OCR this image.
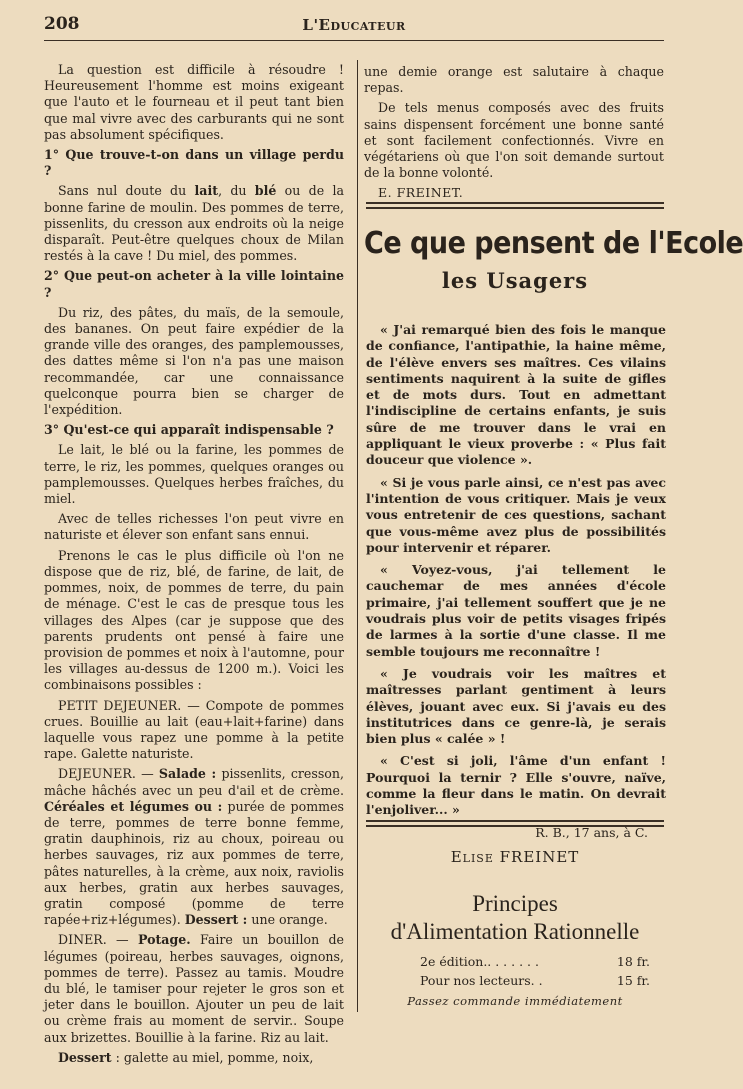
208	L'Educateur

La question est difficile à résoudre ! Heureusement l'homme est moins exigeant que l'auto et le fourneau et il peut tant bien que mal vivre avec des carburants qui ne sont pas absolument spécifiques.

1° Que trouve-t-on dans un village perdu ?

Sans nul doute du lait, du blé ou de la bonne farine de moulin. Des pommes de terre, pissenlits, du cresson aux endroits où la neige disparaît. Peut-être quelques choux de Milan restés à la cave ! Du miel, des pommes.

2° Que peut-on acheter à la ville lointaine ?

Du riz, des pâtes, du maïs, de la semoule, des bananes. On peut faire expédier de la grande ville des oranges, des pamplemousses, des dattes même si l'on n'a pas une maison recommandée, car une connaissance quelconque pourra bien se charger de l'expédition.

3° Qu'est-ce qui apparaît indispensable ?

Le lait, le blé ou la farine, les pommes de terre, le riz, les pommes, quelques oranges ou pamplemousses. Quelques herbes fraîches, du miel.

Avec de telles richesses l'on peut vivre en naturiste et élever son enfant sans ennui.

Prenons le cas le plus difficile où l'on ne dispose que de riz, blé, de farine, de lait, de pommes, noix, de pommes de terre, du pain de ménage. C'est le cas de presque tous les villages des Alpes (car je suppose que des parents prudents ont pensé à faire une provision de pommes et noix à l'automne, pour les villages au-dessus de 1200 m.). Voici les combinaisons possibles :

PETIT DEJEUNER. — Compote de pommes crues. Bouillie au lait (eau+lait+farine) dans laquelle vous rapez une pomme à la petite rape. Galette naturiste.

DEJEUNER. — Salade : pissenlits, cresson, mâche hâchés avec un peu d'ail et de crème. Céréales et légumes ou : purée de pommes de terre, pommes de terre bonne femme, gratin dauphinois, riz au choux, poireau ou herbes sauvages, riz aux pommes de terre, pâtes naturelles, à la crème, aux noix, raviolis aux herbes, gratin aux herbes sauvages, gratin composé (pomme de terre rapée+riz+légumes). Dessert : une orange.

DINER. — Potage. Faire un bouillon de légumes (poireau, herbes sauvages, oignons, pommes de terre). Passez au tamis. Moudre du blé, le tamiser pour rejeter le gros son et jeter dans le bouillon. Ajouter un peu de lait ou crème frais au moment de servir.. Soupe aux brizettes. Bouillie à la farine. Riz au lait.

Dessert : galette au miel, pomme, noix,

une demie orange est salutaire à chaque repas.

De tels menus composés avec des fruits sains dispensent forcément une bonne santé et sont facilement confectionnés. Vivre en végétariens où que l'on soit demande surtout de la bonne volonté.

E. FREINET.

Ce que pensent de l'Ecole
les Usagers

« J'ai remarqué bien des fois le manque de confiance, l'antipathie, la haine même, de l'élève envers ses maîtres. Ces vilains sentiments naquirent à la suite de gifles et de mots durs. Tout en admettant l'indiscipline de certains enfants, je suis sûre de me trouver dans le vrai en appliquant le vieux proverbe : « Plus fait douceur que violence ».

« Si je vous parle ainsi, ce n'est pas avec l'intention de vous critiquer. Mais je veux vous entretenir de ces questions, sachant que vous-même avez plus de possibilités pour intervenir et réparer.

« Voyez-vous, j'ai tellement le cauchemar de mes années d'école primaire, j'ai tellement souffert que je ne voudrais plus voir de petits visages fripés de larmes à la sortie d'une classe. Il me semble toujours me reconnaître !

« Je voudrais voir les maîtres et maîtresses parlant gentiment à leurs élèves, jouant avec eux. Si j'avais eu des institutrices dans ce genre-là, je serais bien plus « calée » !

« C'est si joli, l'âme d'un enfant ! Pourquoi la ternir ? Elle s'ouvre, naïve, comme la fleur dans le matin. On devrait l'enjoliver... »

R. B., 17 ans, à C.

Elise FREINET
Principes
d'Alimentation Rationnelle
2e édition.. . . . . . .	18 fr.
Pour nos lecteurs. .	15 fr.
Passez commande immédiatement
